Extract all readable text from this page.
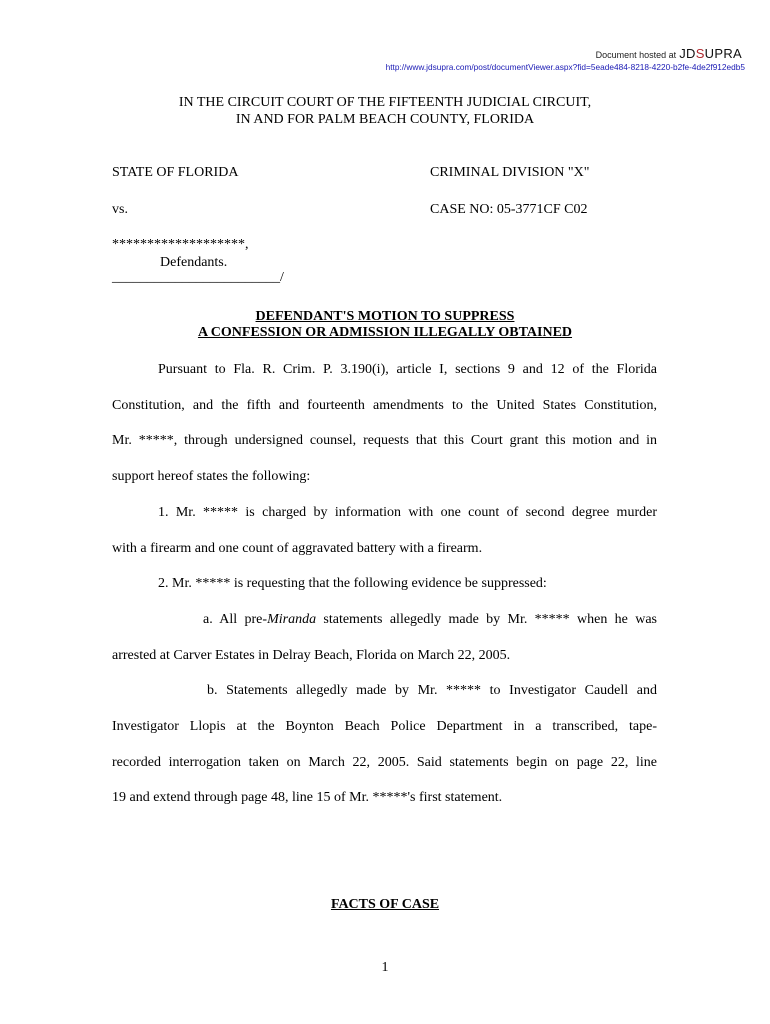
Document hosted at JDSUPRA
http://www.jdsupra.com/post/documentViewer.aspx?fid=5eade484-8218-4220-b2fe-4de2f912edb5
IN THE CIRCUIT COURT OF THE FIFTEENTH JUDICIAL CIRCUIT,
IN AND FOR PALM BEACH COUNTY, FLORIDA
STATE OF FLORIDA	CRIMINAL DIVISION "X"
vs.	CASE NO: 05-3771CF C02
*******************,
Defendants.
________________________/
DEFENDANT'S MOTION TO SUPPRESS
A CONFESSION OR ADMISSION ILLEGALLY OBTAINED
Pursuant to Fla. R. Crim. P. 3.190(i), article I, sections 9 and 12 of the Florida
Constitution, and the fifth and fourteenth amendments to the United States Constitution,
Mr. *****, through undersigned counsel, requests that this Court grant this motion and in
support hereof states the following:
1. Mr. ***** is charged by information with one count of second degree murder
with a firearm and one count of aggravated battery with a firearm.
2. Mr. ***** is requesting that the following evidence be suppressed:
a. All pre-Miranda statements allegedly made by Mr. ***** when he was
arrested at Carver Estates in Delray Beach, Florida on March 22, 2005.
b. Statements allegedly made by Mr. ***** to Investigator Caudell and
Investigator Llopis at the Boynton Beach Police Department in a transcribed, tape-
recorded interrogation taken on March 22, 2005. Said statements begin on page 22, line
19 and extend through page 48, line 15 of Mr. *****'s first statement.
FACTS OF CASE
1
